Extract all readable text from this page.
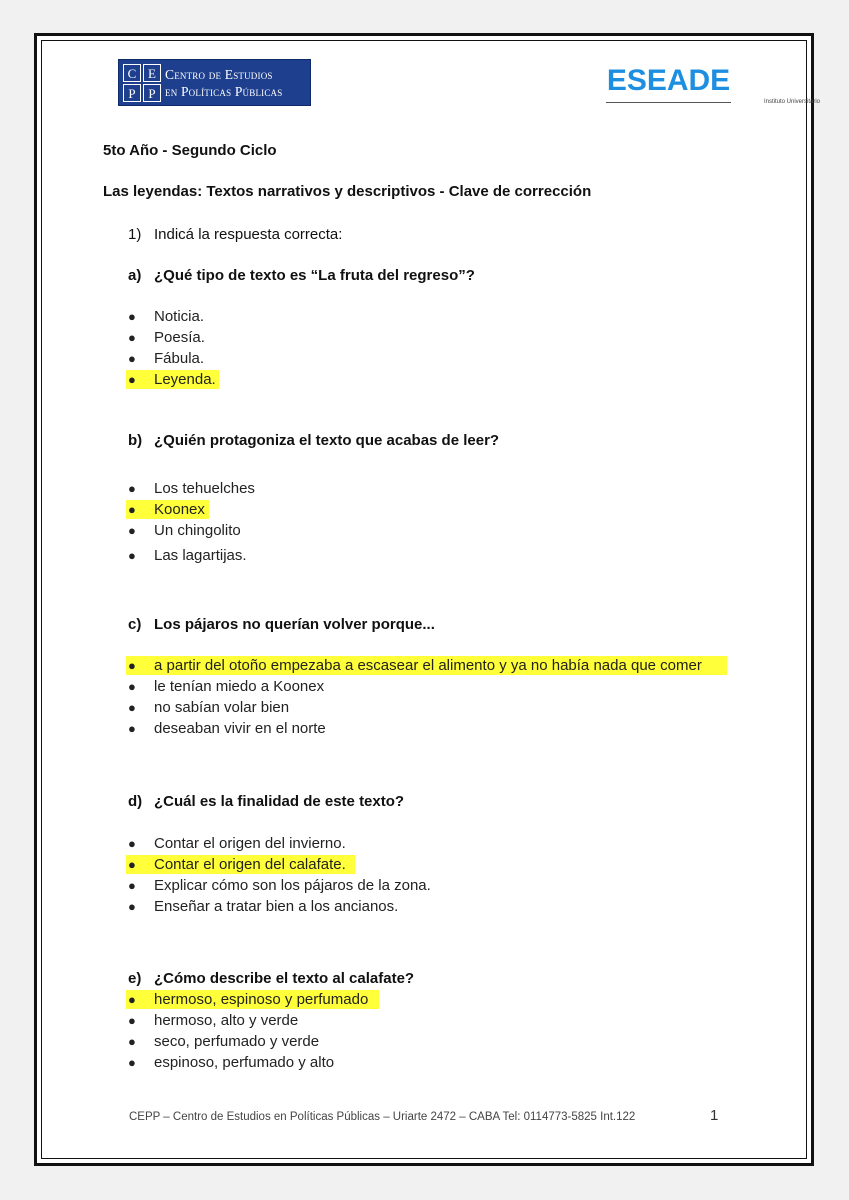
C E
P P
Centro de Estudios
en Políticas Públicas	ESEADE
Instituto Universitario
5to Año - Segundo Ciclo
Las leyendas: Textos narrativos y descriptivos - Clave de corrección
1) Indicá la respuesta correcta:
a) ¿Qué tipo de texto es “La fruta del regreso”?
● Noticia.
● Poesía.
● Fábula.
● Leyenda.
b) ¿Quién protagoniza el texto que acabas de leer?
● Los tehuelches
● Koonex
● Un chingolito
● Las lagartijas.
c) Los pájaros no querían volver porque...
● a partir del otoño empezaba a escasear el alimento y ya no había nada que comer
● le tenían miedo a Koonex
● no sabían volar bien
● deseaban vivir en el norte
d) ¿Cuál es la finalidad de este texto?
● Contar el origen del invierno.
● Contar el origen del calafate.
● Explicar cómo son los pájaros de la zona.
● Enseñar a tratar bien a los ancianos.
e) ¿Cómo describe el texto al calafate?
● hermoso, espinoso y perfumado
● hermoso, alto y verde
● seco, perfumado y verde
● espinoso, perfumado y alto
CEPP – Centro de Estudios en Políticas Públicas – Uriarte 2472 – CABA Tel: 0114773-5825 Int.122	1
